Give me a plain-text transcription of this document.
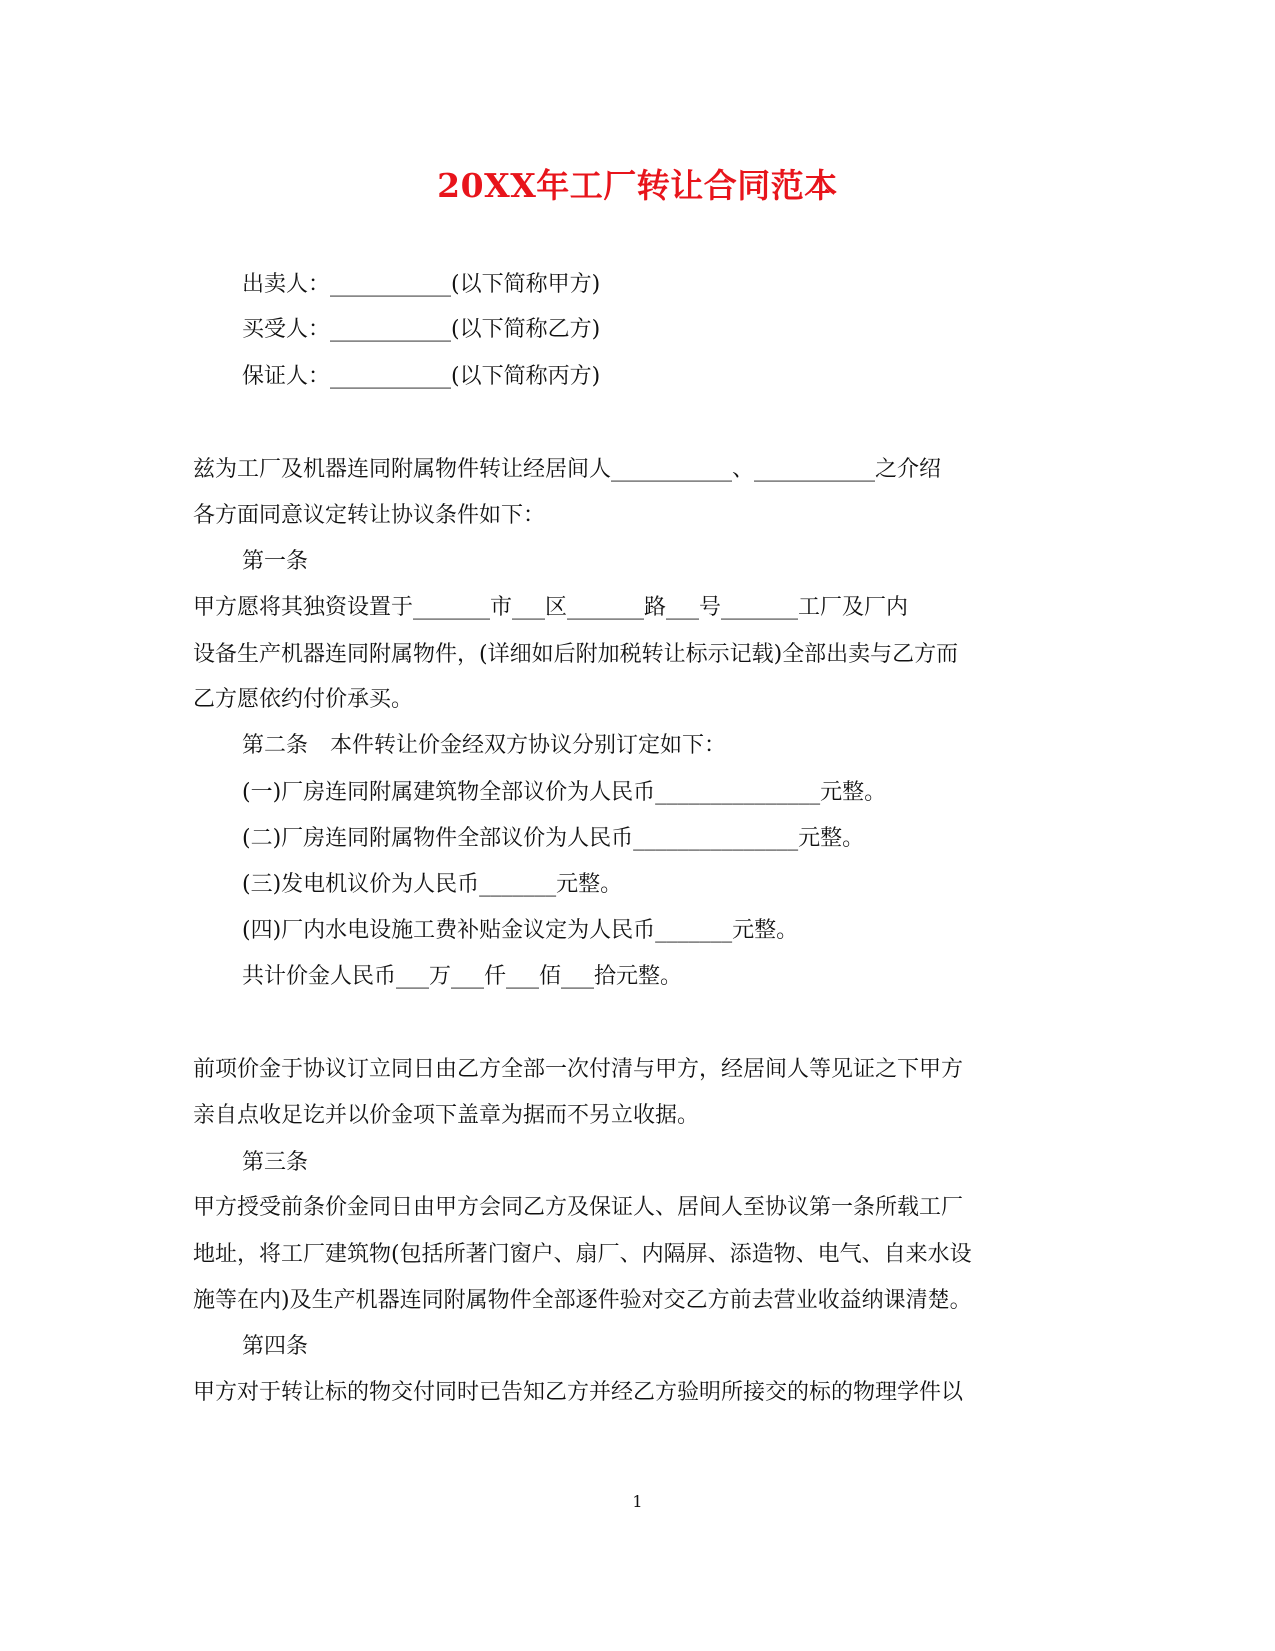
20XX年工厂转让合同范本

出卖人：___________(以下简称甲方)

买受人：___________(以下简称乙方)

保证人：___________(以下简称丙方)

兹为工厂及机器连同附属物件转让经居间人___________、___________之介绍

各方面同意议定转让协议条件如下：

第一条

甲方愿将其独资设置于_______市___区_______路___号_______工厂及厂内

设备生产机器连同附属物件，(详细如后附加税转让标示记载)全部出卖与乙方而

乙方愿依约付价承买。

第二条　本件转让价金经双方协议分别订定如下：

(一)厂房连同附属建筑物全部议价为人民币_______________元整。

(二)厂房连同附属物件全部议价为人民币_______________元整。

(三)发电机议价为人民币_______元整。

(四)厂内水电设施工费补贴金议定为人民币_______元整。

共计价金人民币___万___仟___佰___拾元整。

前项价金于协议订立同日由乙方全部一次付清与甲方，经居间人等见证之下甲方

亲自点收足讫并以价金项下盖章为据而不另立收据。

第三条

甲方授受前条价金同日由甲方会同乙方及保证人、居间人至协议第一条所载工厂

地址，将工厂建筑物(包括所著门窗户、扇厂、内隔屏、添造物、电气、自来水设

施等在内)及生产机器连同附属物件全部逐件验对交乙方前去营业收益纳课清楚。

第四条

甲方对于转让标的物交付同时已告知乙方并经乙方验明所接交的标的物理学件以

1
